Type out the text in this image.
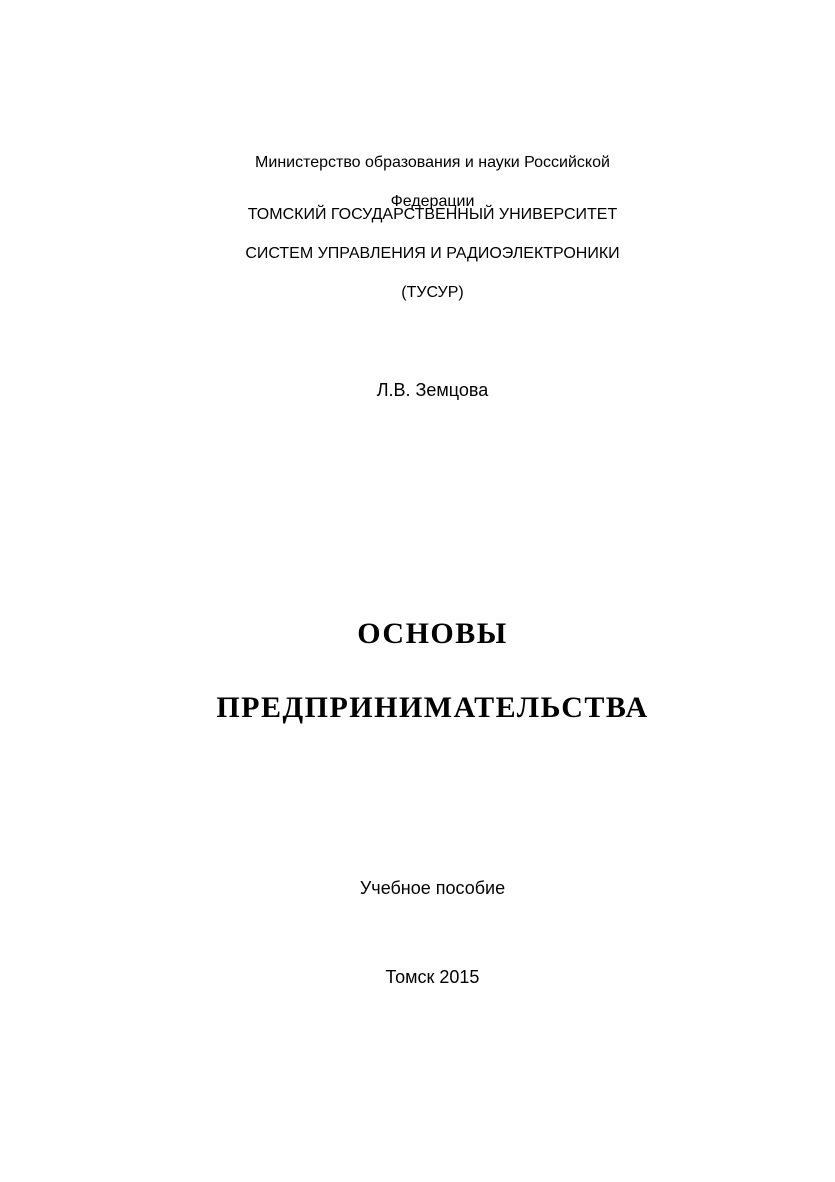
Министерство образования и науки Российской

Федерации

ТОМСКИЙ ГОСУДАРСТВЕННЫЙ УНИВЕРСИТЕТ

СИСТЕМ УПРАВЛЕНИЯ И РАДИОЭЛЕКТРОНИКИ

(ТУСУР)

Л.В. Земцова

ОСНОВЫ

ПРЕДПРИНИМАТЕЛЬСТВА

Учебное пособие
Томск 2015
